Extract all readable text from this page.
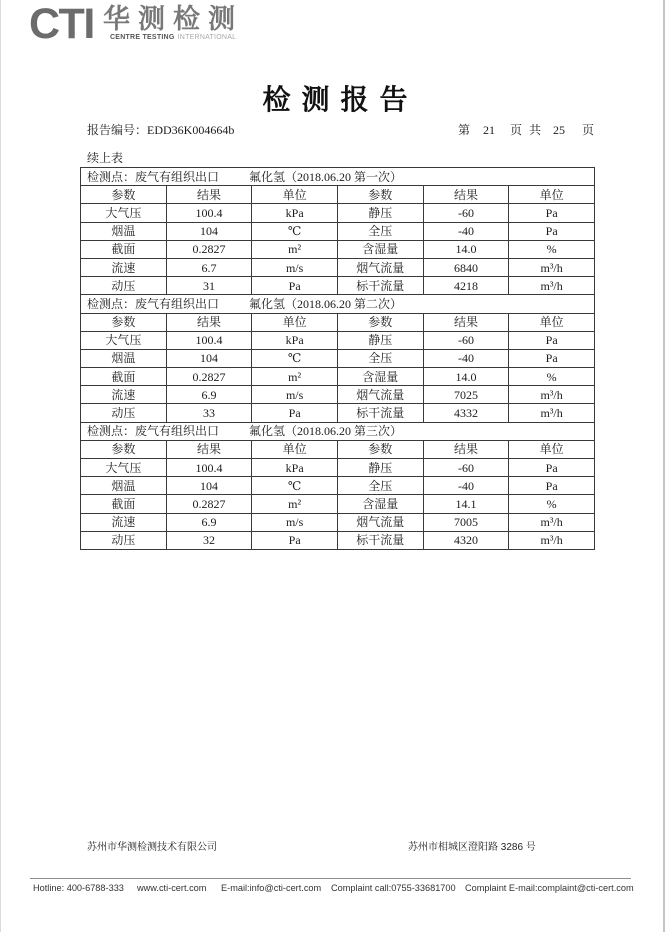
CTI 华测检测
CENTRE TESTING INTERNATIONAL
检 测 报 告
报告编号：EDD36K004664b	第 21 页 共 25 页
续上表
检测点：废气有组织出口 氟化氢（2018.06.20 第一次）					
参数	结果	单位	参数	结果	单位
大气压	100.4	kPa	静压	-60	Pa
烟温	104	℃	全压	-40	Pa
截面	0.2827	m²	含湿量	14.0	%
流速	6.7	m/s	烟气流量	6840	m³/h
动压	31	Pa	标干流量	4218	m³/h
检测点：废气有组织出口 氟化氢（2018.06.20 第二次）					
参数	结果	单位	参数	结果	单位
大气压	100.4	kPa	静压	-60	Pa
烟温	104	℃	全压	-40	Pa
截面	0.2827	m²	含湿量	14.0	%
流速	6.9	m/s	烟气流量	7025	m³/h
动压	33	Pa	标干流量	4332	m³/h
检测点：废气有组织出口 氟化氢（2018.06.20 第三次）					
参数	结果	单位	参数	结果	单位
大气压	100.4	kPa	静压	-60	Pa
烟温	104	℃	全压	-40	Pa
截面	0.2827	m²	含湿量	14.1	%
流速	6.9	m/s	烟气流量	7005	m³/h
动压	32	Pa	标干流量	4320	m³/h
苏州市华测检测技术有限公司	苏州市相城区澄阳路 3286 号
Hotline: 400-6788-333 www.cti-cert.com E-mail:info@cti-cert.com Complaint call:0755-33681700 Complaint E-mail:complaint@cti-cert.com
